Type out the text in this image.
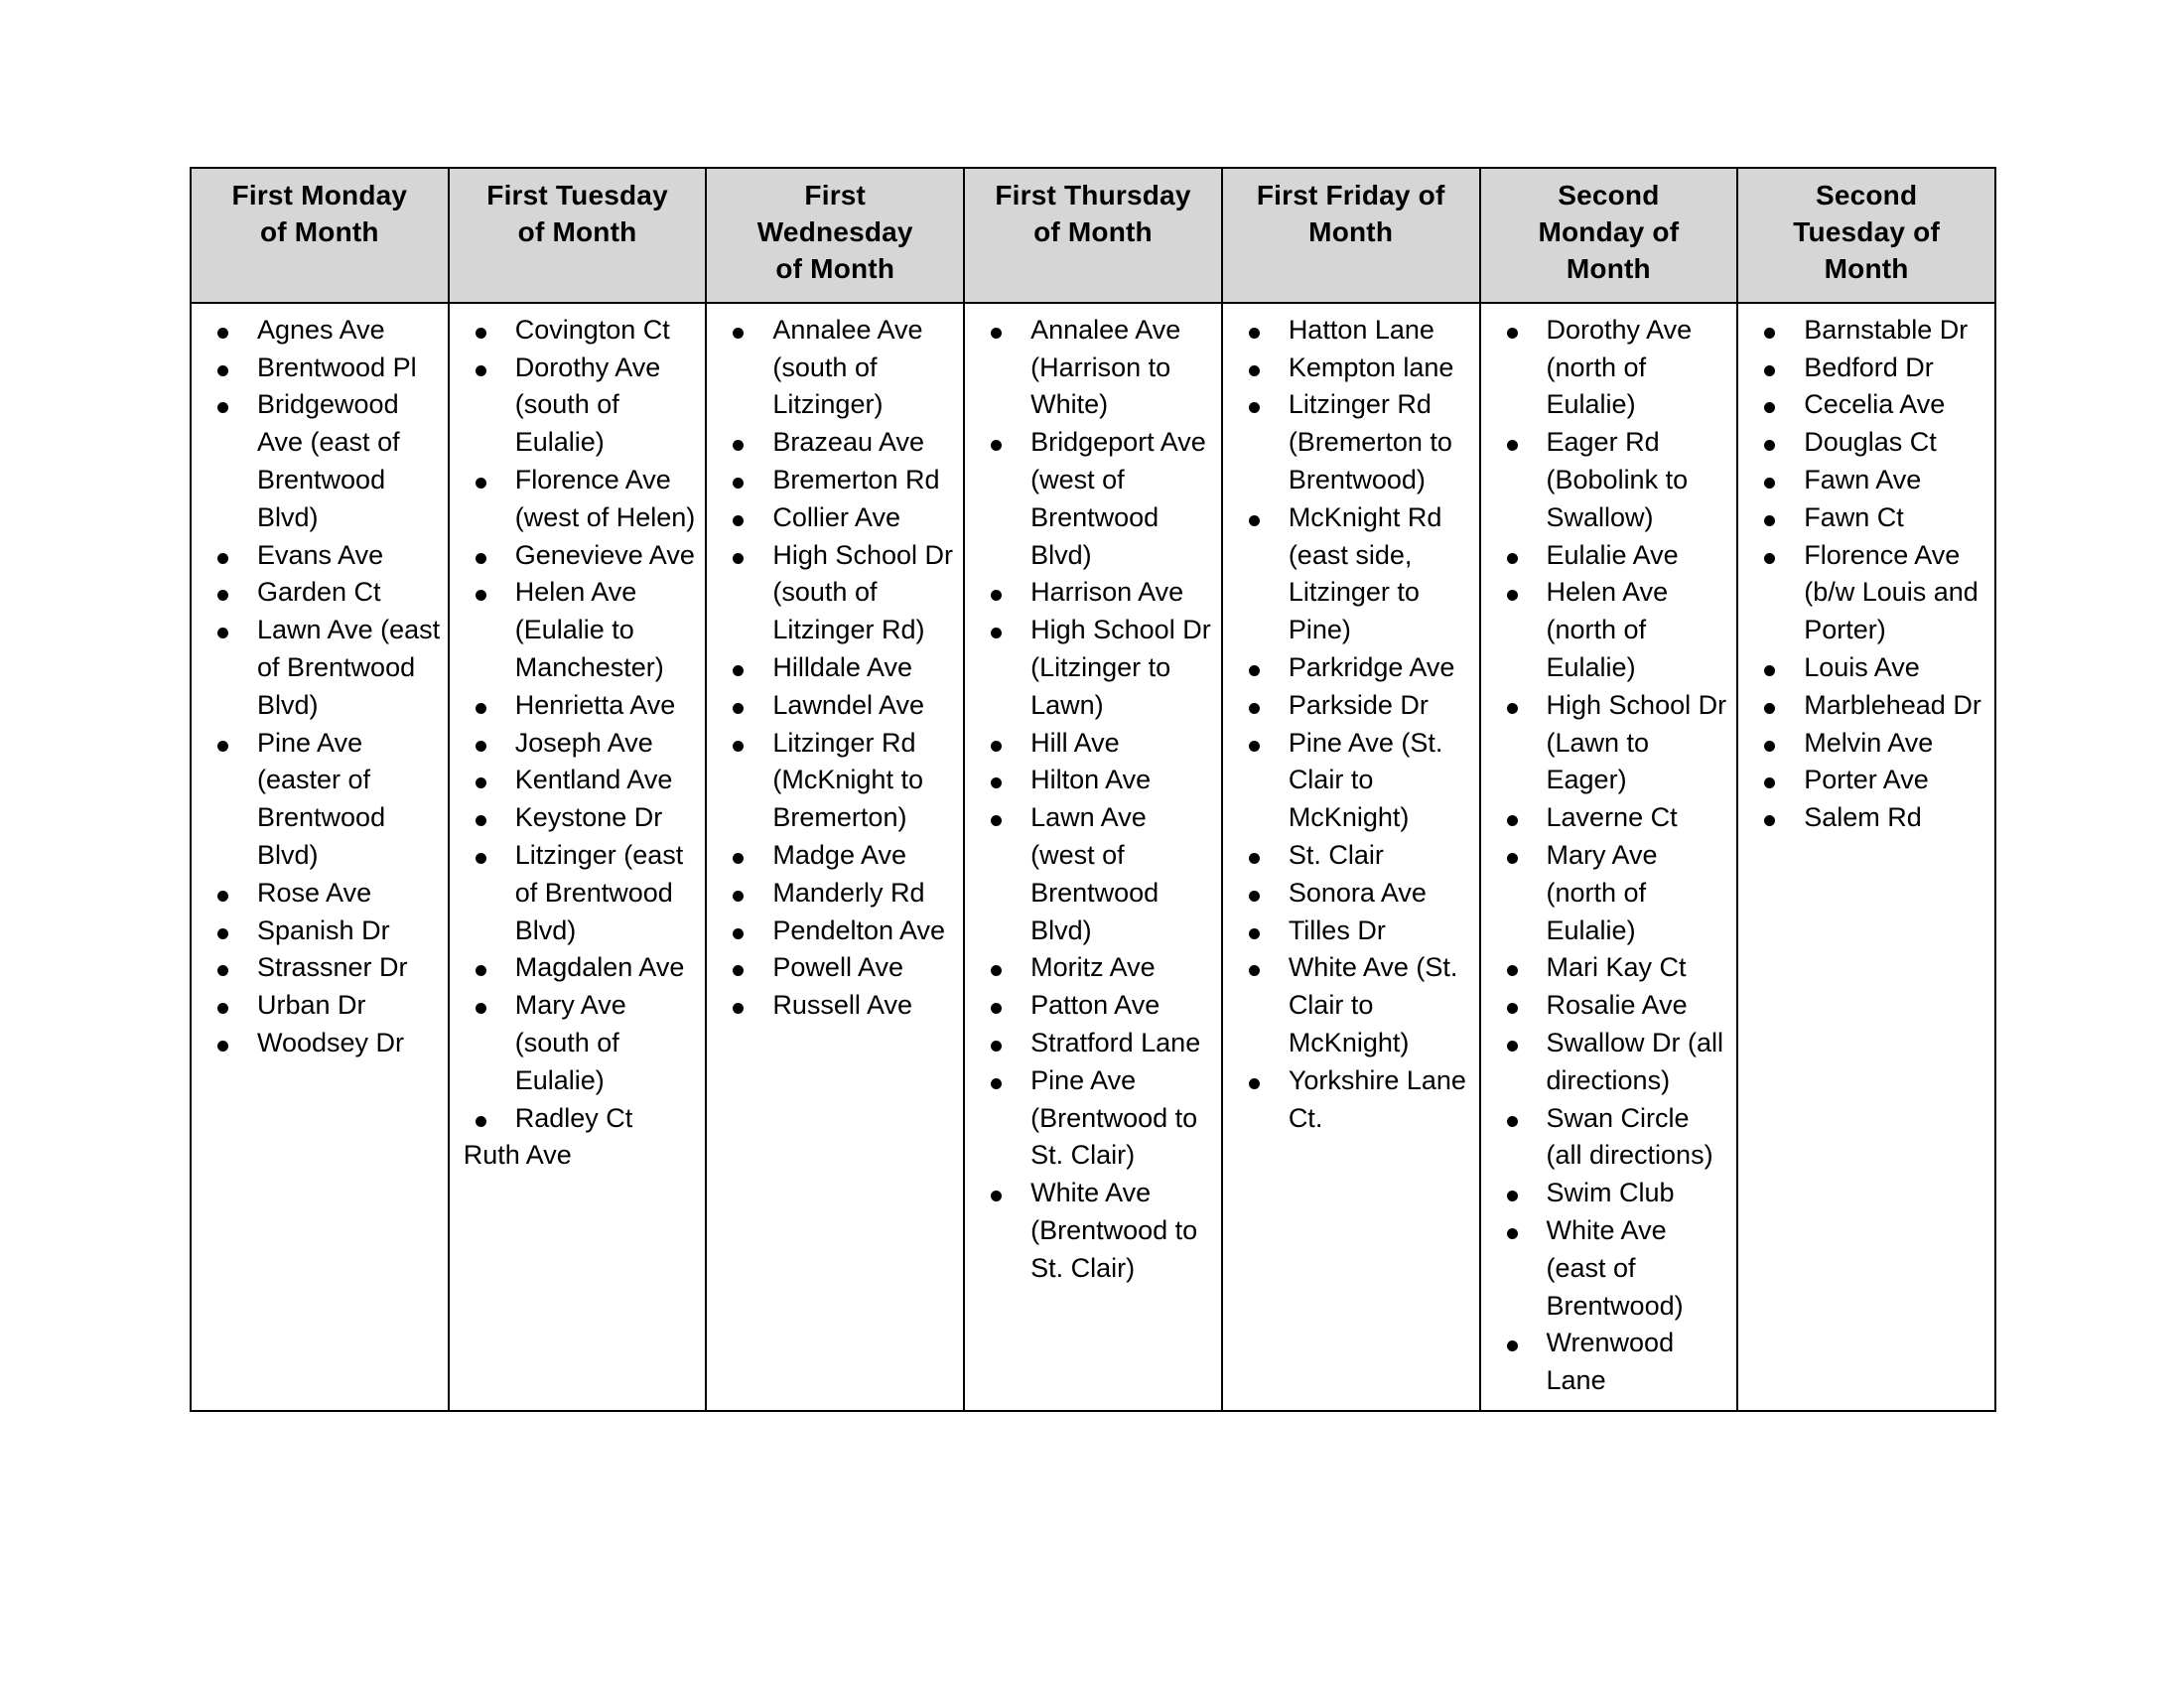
First Monday
of Month	First Tuesday
of Month	First
Wednesday
of Month	First Thursday
of Month	First Friday of
Month	Second
Monday of
Month	Second
Tuesday of
Month

Agnes Ave
Brentwood Pl
Bridgewood Ave (east of Brentwood Blvd)
Evans Ave
Garden Ct
Lawn Ave (east of Brentwood Blvd)
Pine Ave (easter of Brentwood Blvd)
Rose Ave
Spanish Dr
Strassner Dr
Urban Dr
Woodsey Dr

Covington Ct
Dorothy Ave (south of Eulalie)
Florence Ave (west of Helen)
Genevieve Ave
Helen Ave (Eulalie to Manchester)
Henrietta Ave
Joseph Ave
Kentland Ave
Keystone Dr
Litzinger (east of Brentwood Blvd)
Magdalen Ave
Mary Ave (south of Eulalie)
Radley Ct
Ruth Ave

Annalee Ave (south of Litzinger)
Brazeau Ave
Bremerton Rd
Collier Ave
High School Dr (south of Litzinger Rd)
Hilldale Ave
Lawndel Ave
Litzinger Rd (McKnight to Bremerton)
Madge Ave
Manderly Rd
Pendelton Ave
Powell Ave
Russell Ave

Annalee Ave (Harrison to White)
Bridgeport Ave (west of Brentwood Blvd)
Harrison Ave
High School Dr (Litzinger to Lawn)
Hill Ave
Hilton Ave
Lawn Ave (west of Brentwood Blvd)
Moritz Ave
Patton Ave
Stratford Lane
Pine Ave (Brentwood to St. Clair)
White Ave (Brentwood to St. Clair)

Hatton Lane
Kempton lane
Litzinger Rd (Bremerton to Brentwood)
McKnight Rd (east side, Litzinger to Pine)
Parkridge Ave
Parkside Dr
Pine Ave (St. Clair to McKnight)
St. Clair
Sonora Ave
Tilles Dr
White Ave (St. Clair to McKnight)
Yorkshire Lane Ct.

Dorothy Ave (north of Eulalie)
Eager Rd (Bobolink to Swallow)
Eulalie Ave
Helen Ave (north of Eulalie)
High School Dr (Lawn to Eager)
Laverne Ct
Mary Ave (north of Eulalie)
Mari Kay Ct
Rosalie Ave
Swallow Dr (all directions)
Swan Circle (all directions)
Swim Club
White Ave (east of Brentwood)
Wrenwood Lane

Barnstable Dr
Bedford Dr
Cecelia Ave
Douglas Ct
Fawn Ave
Fawn Ct
Florence Ave (b/w Louis and Porter)
Louis Ave
Marblehead Dr
Melvin Ave
Porter Ave
Salem Rd
